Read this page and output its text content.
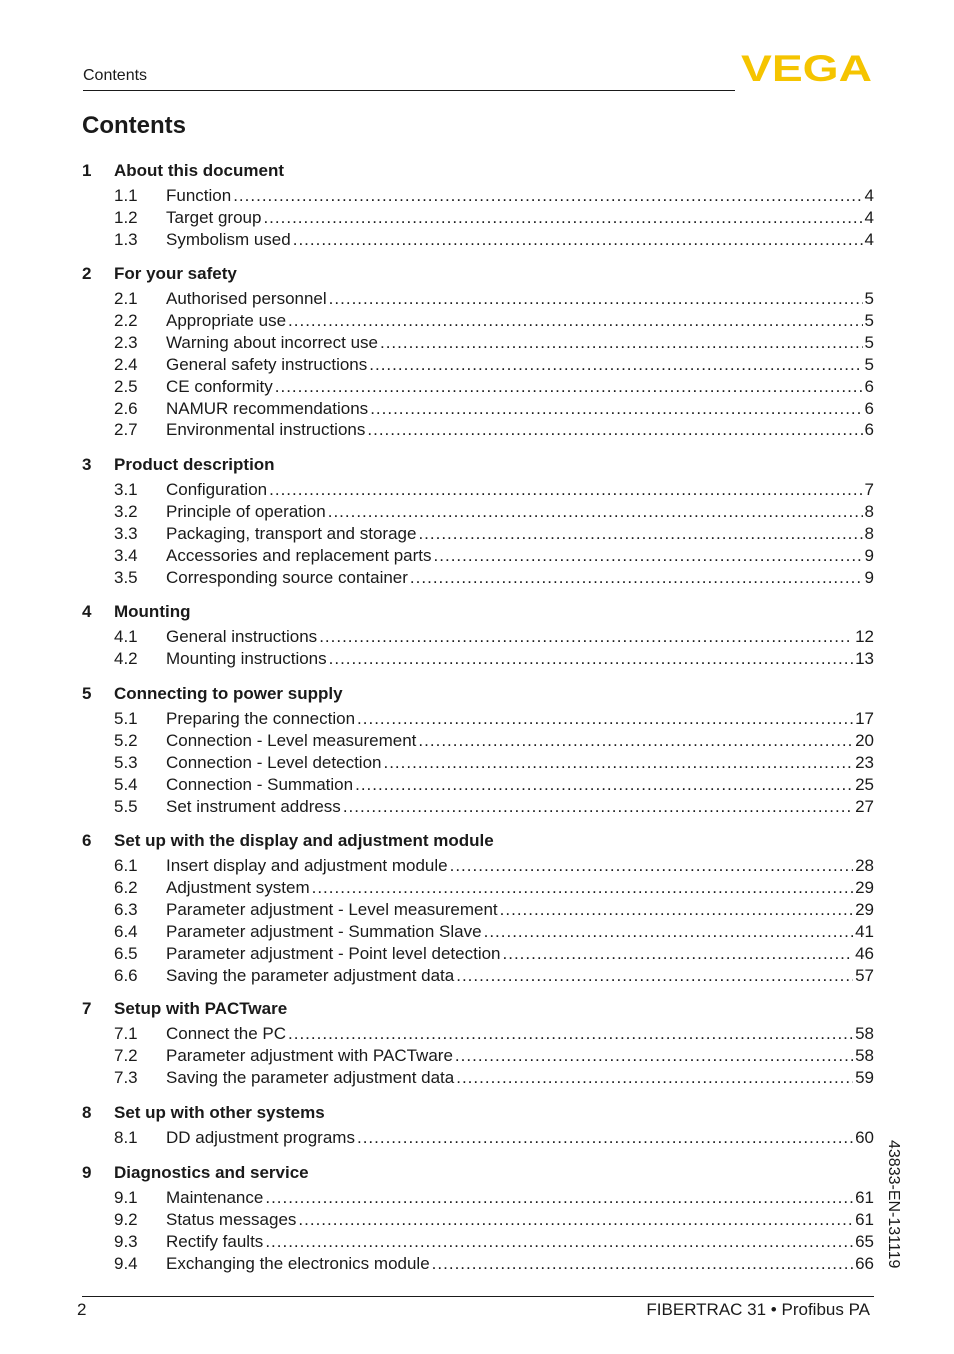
Contents	VEGA
Contents
1 About this document
1.1 Function .....	4
1.2 Target group .....	4
1.3 Symbolism used .....	4
2 For your safety
2.1 Authorised personnel .....	5
2.2 Appropriate use .....	5
2.3 Warning about incorrect use .....	5
2.4 General safety instructions .....	5
2.5 CE conformity .....	6
2.6 NAMUR recommendations .....	6
2.7 Environmental instructions .....	6
3 Product description
3.1 Configuration .....	7
3.2 Principle of operation .....	8
3.3 Packaging, transport and storage .....	8
3.4 Accessories and replacement parts .....	9
3.5 Corresponding source container .....	9
4 Mounting
4.1 General instructions .....	12
4.2 Mounting instructions .....	13
5 Connecting to power supply
5.1 Preparing the connection .....	17
5.2 Connection - Level measurement .....	20
5.3 Connection - Level detection .....	23
5.4 Connection - Summation .....	25
5.5 Set instrument address .....	27
6 Set up with the display and adjustment module
6.1 Insert display and adjustment module .....	28
6.2 Adjustment system .....	29
6.3 Parameter adjustment - Level measurement .....	29
6.4 Parameter adjustment - Summation Slave .....	41
6.5 Parameter adjustment - Point level detection .....	46
6.6 Saving the parameter adjustment data .....	57
7 Setup with PACTware
7.1 Connect the PC .....	58
7.2 Parameter adjustment with PACTware .....	58
7.3 Saving the parameter adjustment data .....	59
8 Set up with other systems
8.1 DD adjustment programs .....	60
9 Diagnostics and service
9.1 Maintenance .....	61
9.2 Status messages .....	61
9.3 Rectify faults .....	65
9.4 Exchanging the electronics module .....	66 43833-EN-131119
2	FIBERTRAC 31 • Profibus PA
